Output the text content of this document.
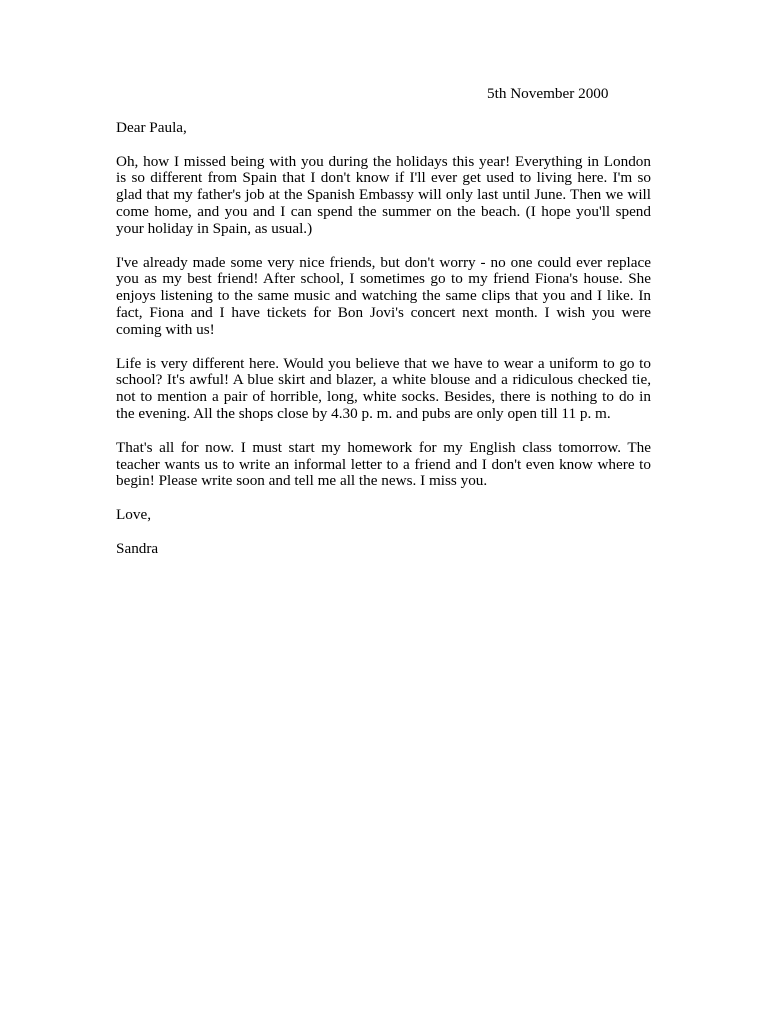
5th November 2000

Dear Paula,

Oh, how I missed being with you during the holidays this year! Everything in London is so different from Spain that I don't know if I'll ever get used to living here. I'm so glad that my father's job at the Spanish Embassy will only last until June. Then we will come home, and you and I can spend the summer on the beach. (I hope you'll spend your holiday in Spain, as usual.)

I've already made some very nice friends, but don't worry - no one could ever replace you as my best friend! After school, I sometimes go to my friend Fiona's house. She enjoys listening to the same music and watching the same clips that you and I like. In fact, Fiona and I have tickets for Bon Jovi's concert next month. I wish you were coming with us!

Life is very different here. Would you believe that we have to wear a uniform to go to school? It's awful! A blue skirt and blazer, a white blouse and a ridiculous checked tie, not to mention a pair of horrible, long, white socks. Besides, there is nothing to do in the evening. All the shops close by 4.30 p. m. and pubs are only open till 11 p. m.

That's all for now. I must start my homework for my English class tomorrow. The teacher wants us to write an informal letter to a friend and I don't even know where to begin! Please write soon and tell me all the news. I miss you.

Love,

Sandra
